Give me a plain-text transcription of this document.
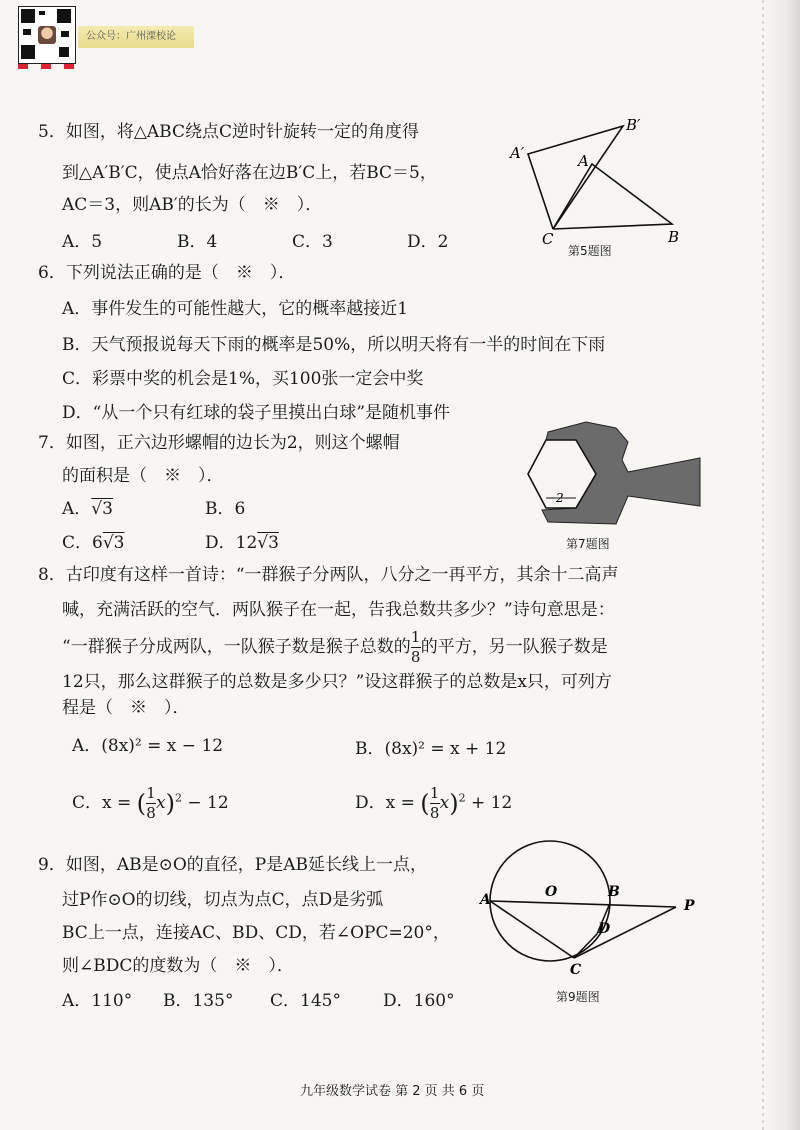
公众号：广州溧校论
5．如图，将△ABC绕点C逆时针旋转一定的角度得
到△A′B′C，使点A恰好落在边B′C上，若BC＝5，
AC＝3，则AB′的长为（　※　）．
A．5	B．4	C．3	D．2
A′
B′
A
C	B
第5题图
6．下列说法正确的是（　※　）．
A．事件发生的可能性越大，它的概率越接近1
B．天气预报说每天下雨的概率是50%，所以明天将有一半的时间在下雨
C．彩票中奖的机会是1%，买100张一定会中奖
D．“从一个只有红球的袋子里摸出白球”是随机事件
7．如图，正六边形螺帽的边长为2，则这个螺帽
的面积是（　※　）．
A．√3	B．6
C．6√3	D．12√3
2
第7题图
8．古印度有这样一首诗：“一群猴子分两队，八分之一再平方，其余十二高声
喊，充满活跃的空气．两队猴子在一起，告我总数共多少？”诗句意思是：
“一群猴子分成两队，一队猴子数是猴子总数的 $\frac{1}{8}$ 的平方，另一队猴子数是
12只，那么这群猴子的总数是多少只？”设这群猴子的总数是x只，可列方
程是（　※　）．
A．(8x)² = x − 12	B．(8x)² = x + 12
C．x = ( $\frac{1}{8} x)^2 - 12$	D．x = ( $\frac{1}{8} x)^2 + 12$
9．如图，AB是⊙O的直径，P是AB延长线上一点，
过P作⊙O的切线，切点为点C，点D是劣弧
BC上一点，连接AC、BD、CD，若∠OPC=20°，
则∠BDC的度数为（　※　）．
A．110° B．135° C．145° D．160°
A	O	B
P
D
C
第9题图
九年级数学试卷 第 2 页 共 6 页
